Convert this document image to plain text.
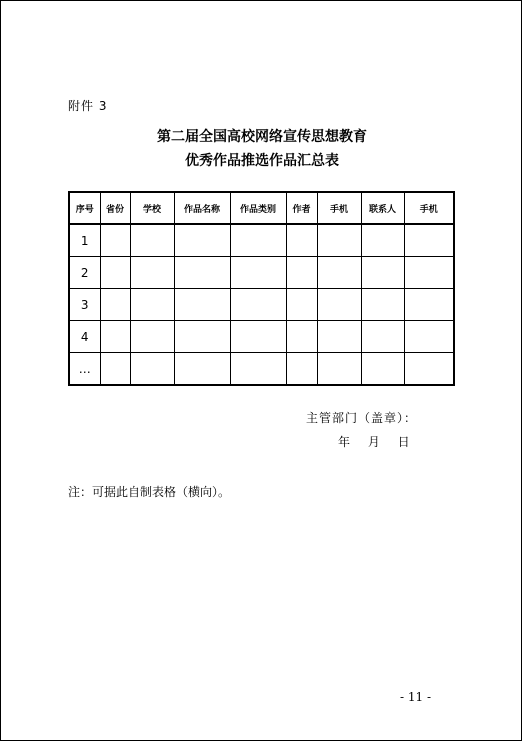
附件 3
第二届全国高校网络宣传思想教育
优秀作品推选作品汇总表
序号	省份	学校	作品名称	作品类别	作者	手机	联系人	手机
1								
2								
3								
4								
…								
主管部门（盖章）：
年 月 日
注：可据此自制表格（横向）。
- 11 -
